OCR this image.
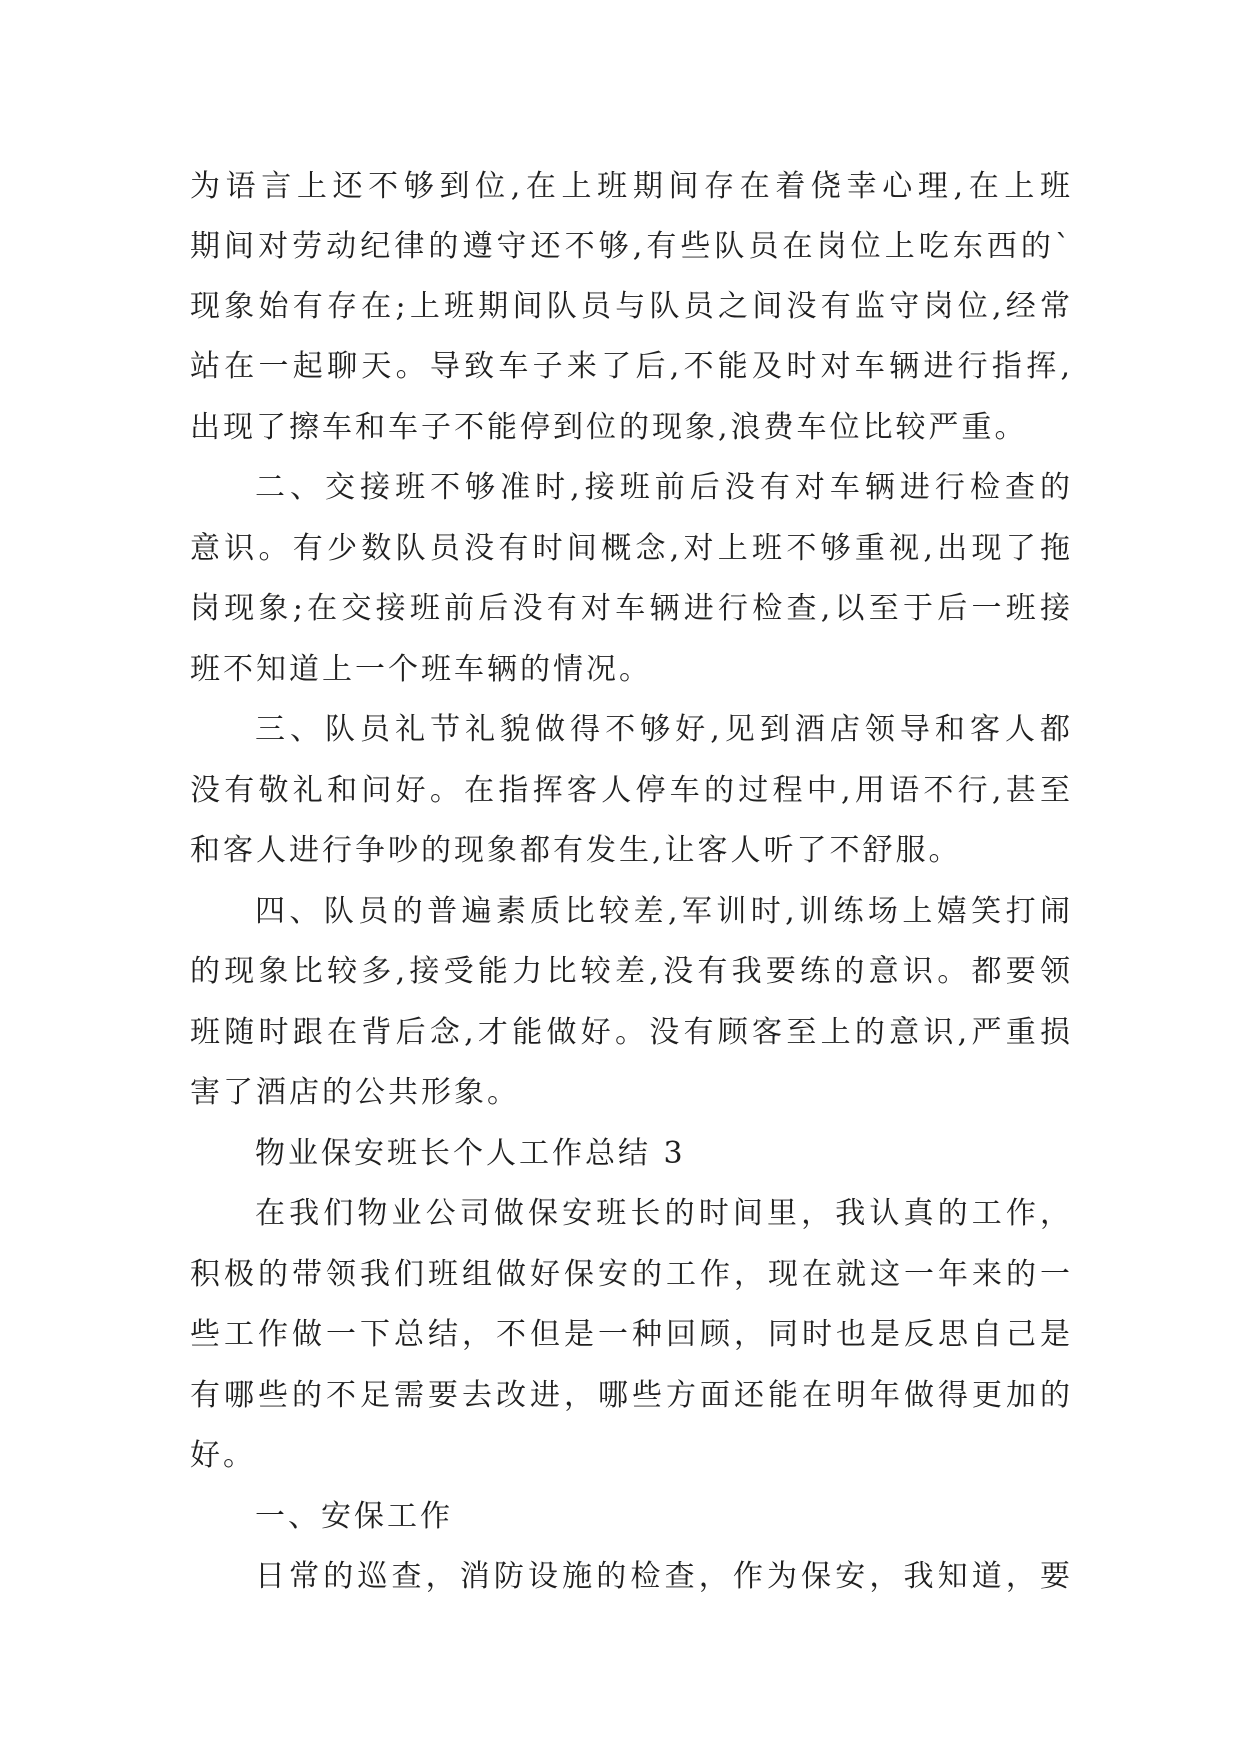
为语言上还不够到位,在上班期间存在着侥幸心理,在上班
期间对劳动纪律的遵守还不够,有些队员在岗位上吃东西的`
现象始有存在;上班期间队员与队员之间没有监守岗位,经常
站在一起聊天。导致车子来了后,不能及时对车辆进行指挥,
出现了擦车和车子不能停到位的现象,浪费车位比较严重。
二、交接班不够准时,接班前后没有对车辆进行检查的
意识。有少数队员没有时间概念,对上班不够重视,出现了拖
岗现象;在交接班前后没有对车辆进行检查,以至于后一班接
班不知道上一个班车辆的情况。
三、队员礼节礼貌做得不够好,见到酒店领导和客人都
没有敬礼和问好。在指挥客人停车的过程中,用语不行,甚至
和客人进行争吵的现象都有发生,让客人听了不舒服。
四、队员的普遍素质比较差,军训时,训练场上嬉笑打闹
的现象比较多,接受能力比较差,没有我要练的意识。都要领
班随时跟在背后念,才能做好。没有顾客至上的意识,严重损
害了酒店的公共形象。
物业保安班长个人工作总结 3
在我们物业公司做保安班长的时间里，我认真的工作，
积极的带领我们班组做好保安的工作，现在就这一年来的一
些工作做一下总结，不但是一种回顾，同时也是反思自己是
有哪些的不足需要去改进，哪些方面还能在明年做得更加的
好。
一、安保工作
日常的巡查，消防设施的检查，作为保安，我知道，要
